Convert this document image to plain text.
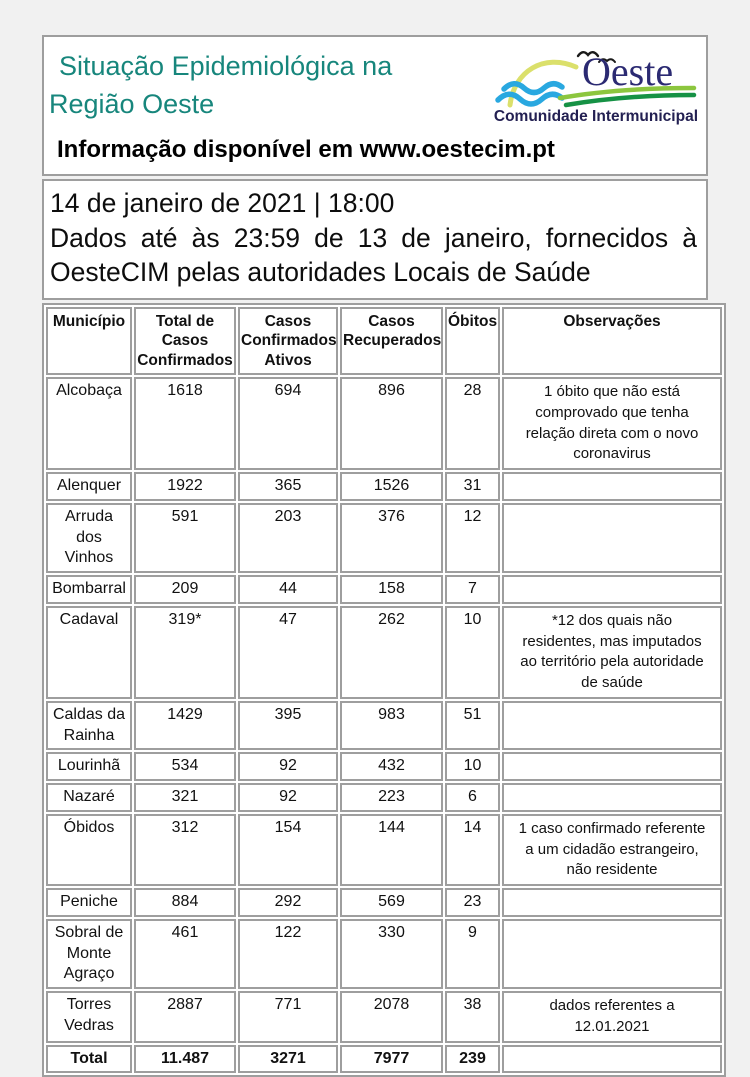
Situação Epidemiológica na
Região Oeste
Oeste
Comunidade Intermunicipal
Informação disponível em www.oestecim.pt
14 de janeiro de 2021 | 18:00

Dados até às 23:59 de 13 de janeiro, fornecidos à OesteCIM pelas autoridades Locais de Saúde

Município	Total de Casos Confirmados	Casos Confirmados Ativos	Casos Recuperados	Óbitos	Observações
Alcobaça	1618	694	896	28	1 óbito que não está comprovado que tenha relação direta com o novo coronavirus
Alenquer	1922	365	1526	31	
Arruda dos Vinhos	591	203	376	12	
Bombarral	209	44	158	7	
Cadaval	319*	47	262	10	*12 dos quais não residentes, mas imputados ao território pela autoridade de saúde
Caldas da Rainha	1429	395	983	51	
Lourinhã	534	92	432	10	
Nazaré	321	92	223	6	
Óbidos	312	154	144	14	1 caso confirmado referente a um cidadão estrangeiro, não residente
Peniche	884	292	569	23	
Sobral de Monte Agraço	461	122	330	9	
Torres Vedras	2887	771	2078	38	dados referentes a 12.01.2021
Total	11.487	3271	7977	239	
